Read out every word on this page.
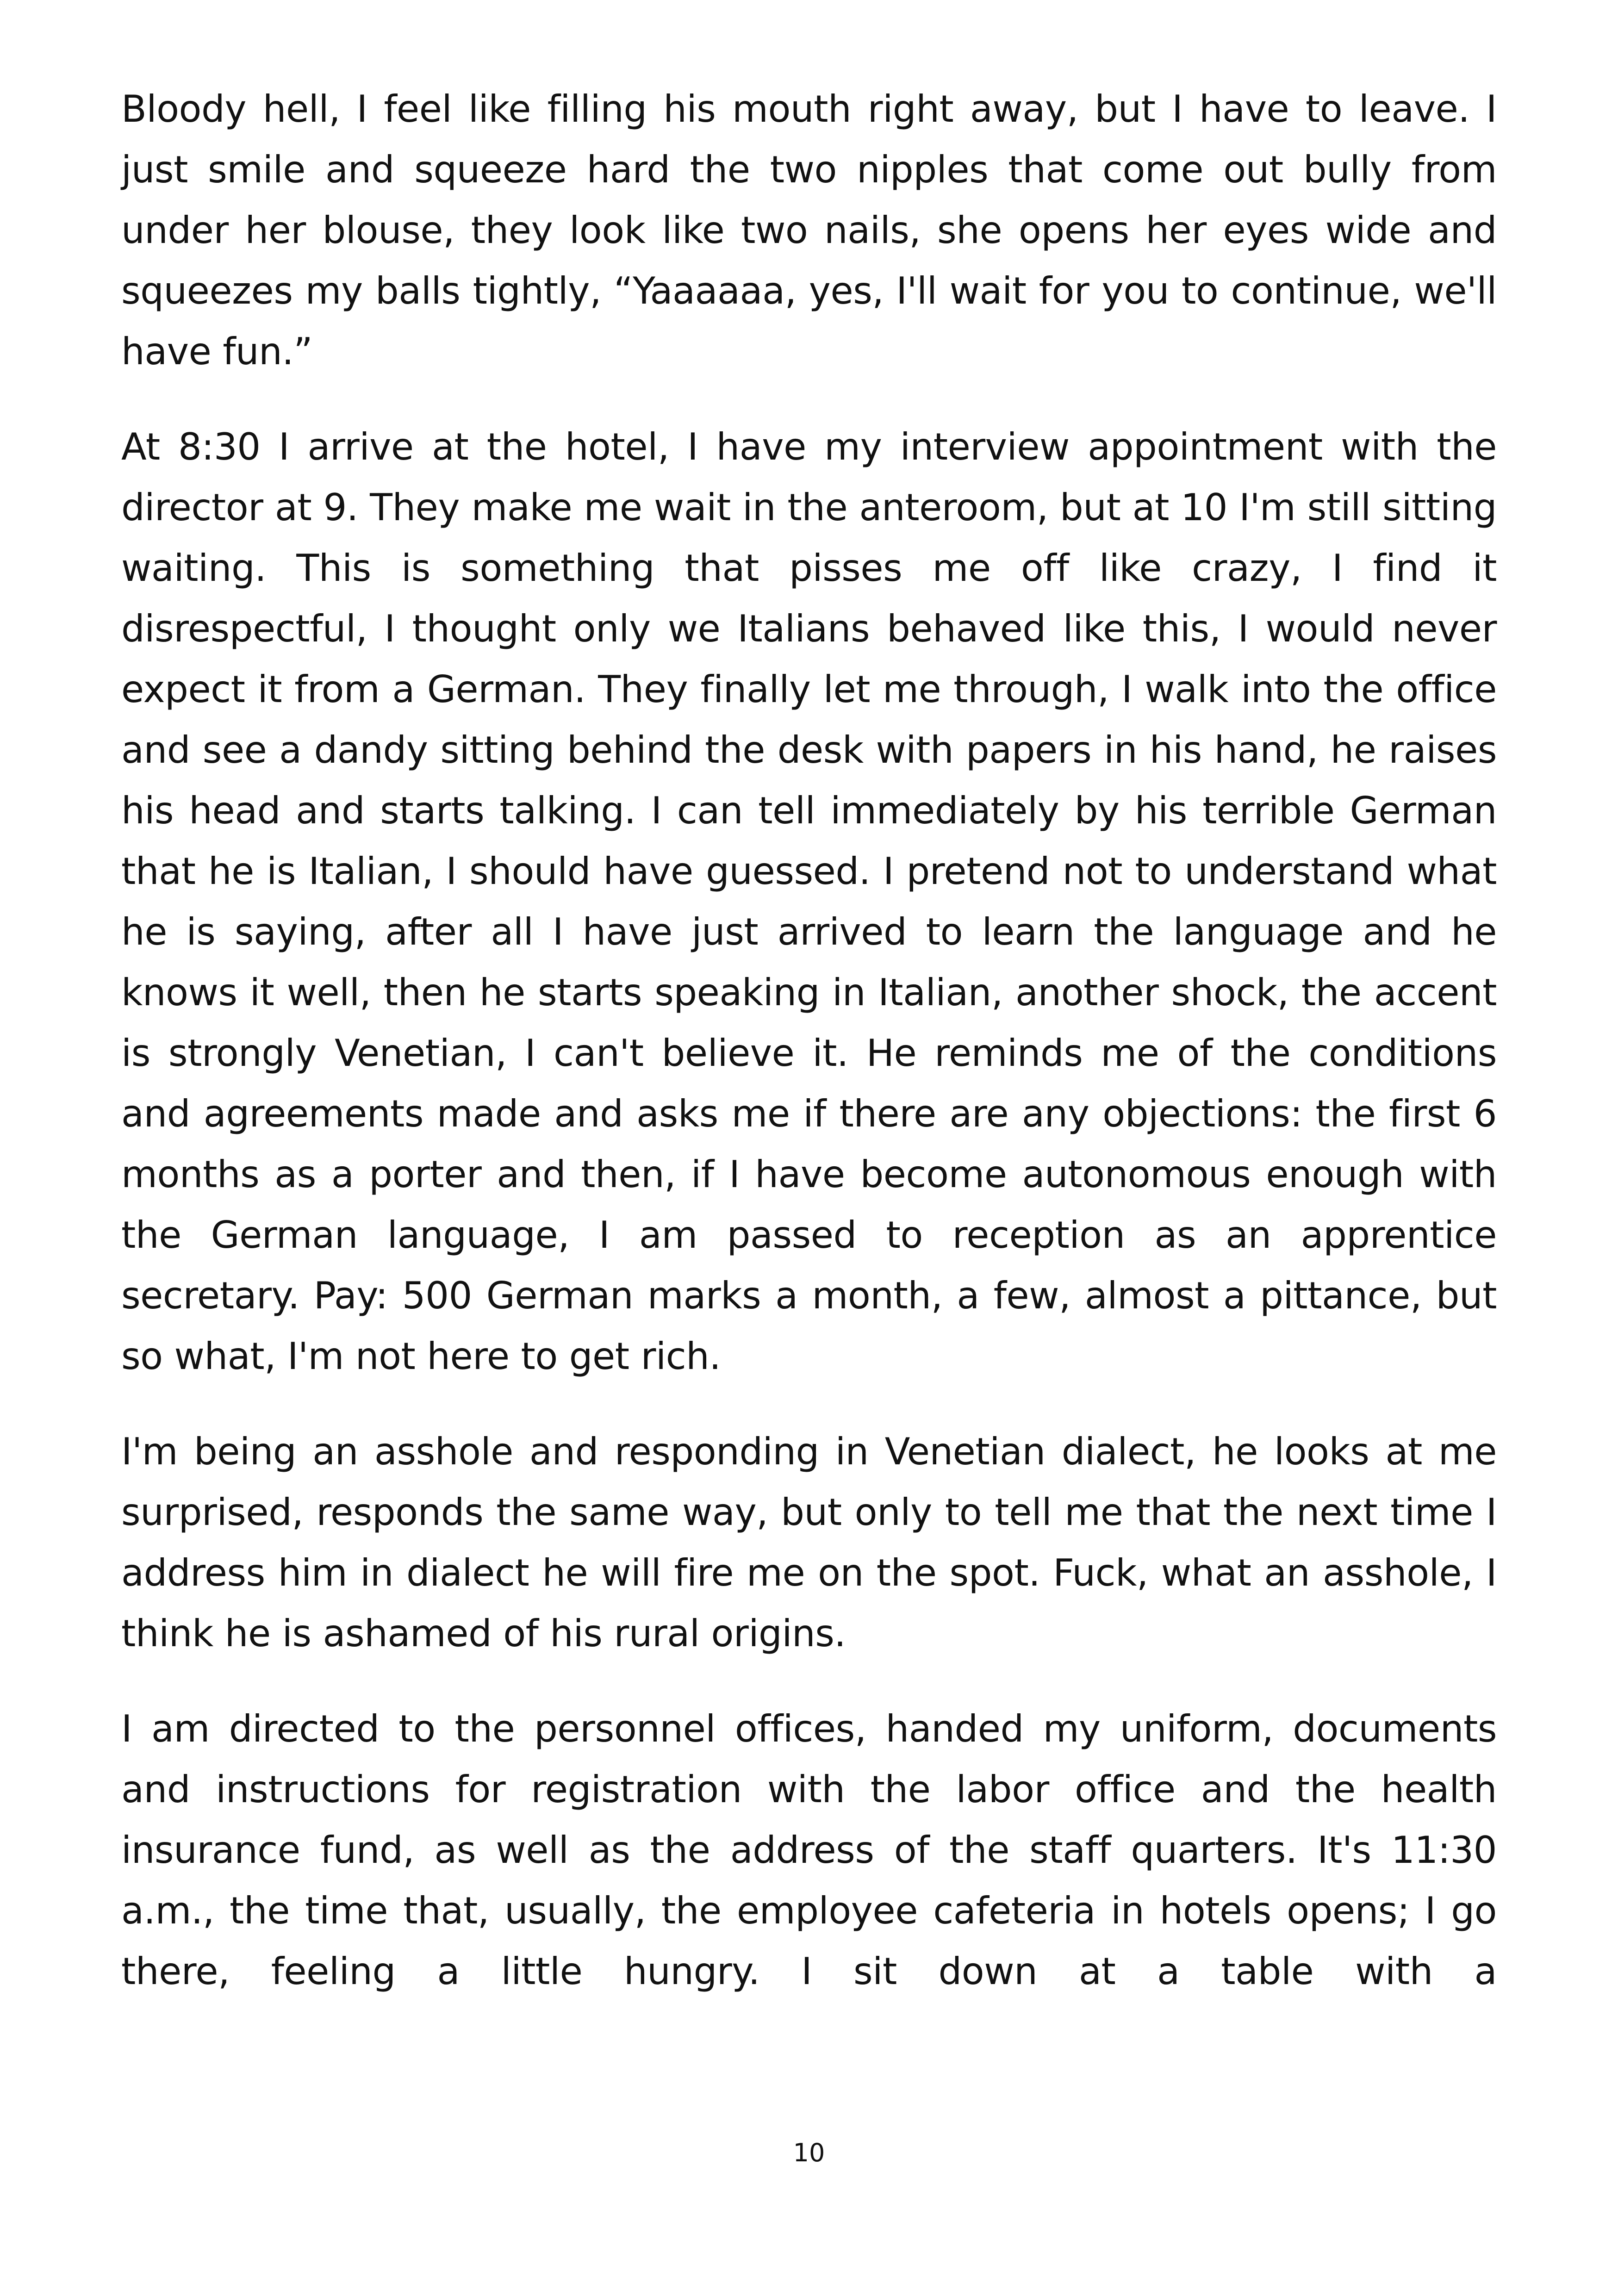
Bloody hell, I feel like filling his mouth right away, but I have to leave. I just smile and squeeze hard the two nipples that come out bully from under her blouse, they look like two nails, she opens her eyes wide and squeezes my balls tightly, “Yaaaaaa, yes, I'll wait for you to continue, we'll have fun.”

At 8:30 I arrive at the hotel, I have my interview appointment with the director at 9. They make me wait in the anteroom, but at 10 I'm still sitting waiting. This is something that pisses me off like crazy, I find it disrespectful, I thought only we Italians behaved like this, I would never expect it from a German. They finally let me through, I walk into the office and see a dandy sitting behind the desk with papers in his hand, he raises his head and starts talking. I can tell immediately by his terrible German that he is Italian, I should have guessed. I pretend not to understand what he is saying, after all I have just arrived to learn the language and he knows it well, then he starts speaking in Italian, another shock, the accent is strongly Venetian, I can't believe it. He reminds me of the conditions and agreements made and asks me if there are any objections: the first 6 months as a porter and then, if I have become autonomous enough with the German language, I am passed to reception as an apprentice secretary. Pay: 500 German marks a month, a few, almost a pittance, but so what, I'm not here to get rich.

I'm being an asshole and responding in Venetian dialect, he looks at me surprised, responds the same way, but only to tell me that the next time I address him in dialect he will fire me on the spot. Fuck, what an asshole, I think he is ashamed of his rural origins.

I am directed to the personnel offices, handed my uniform, documents and instructions for registration with the labor office and the health insurance fund, as well as the address of the staff quarters. It's 11:30 a.m., the time that, usually, the employee cafeteria in hotels opens; I go there, feeling a little hungry. I sit down at a table with a

10
